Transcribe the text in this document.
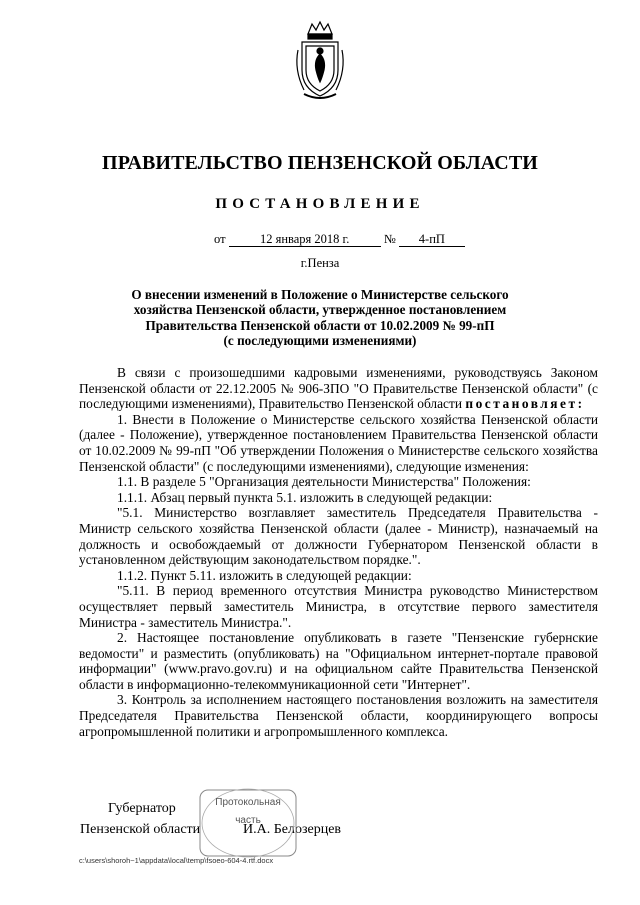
ПРАВИТЕЛЬСТВО ПЕНЗЕНСКОЙ ОБЛАСТИ
ПОСТАНОВЛЕНИЕ
от	12 января 2018 г.	№ 4-пП
г.Пенза
О внесении изменений в Положение о Министерстве сельского
хозяйства Пензенской области, утвержденное постановлением
Правительства Пензенской области от 10.02.2009 № 99-пП
(с последующими изменениями)

В связи с произошедшими кадровыми изменениями, руководствуясь Законом Пензенской области от 22.12.2005 № 906-ЗПО "О Правительстве Пензенской области" (с последующими изменениями), Правительство Пензенской области постановляет:

1. Внести в Положение о Министерстве сельского хозяйства Пензенской области (далее - Положение), утвержденное постановлением Правительства Пензенской области от 10.02.2009 № 99-пП "Об утверждении Положения о Министерстве сельского хозяйства Пензенской области" (с последующими изменениями), следующие изменения:

1.1. В разделе 5 "Организация деятельности Министерства" Положения:

1.1.1. Абзац первый пункта 5.1. изложить в следующей редакции:

"5.1. Министерство возглавляет заместитель Председателя Правительства - Министр сельского хозяйства Пензенской области (далее - Министр), назначаемый на должность и освобождаемый от должности Губернатором Пензенской области в установленном действующим законодательством порядке.".

1.1.2. Пункт 5.11. изложить в следующей редакции:

"5.11. В период временного отсутствия Министра руководство Министерством осуществляет первый заместитель Министра, в отсутствие первого заместителя Министра - заместитель Министра.".

2. Настоящее постановление опубликовать в газете "Пензенские губернские ведомости" и разместить (опубликовать) на "Официальном интернет-портале правовой информации" (www.pravo.gov.ru) и на официальном сайте Правительства Пензенской области в информационно-телекоммуникационной сети "Интернет".

3. Контроль за исполнением настоящего постановления возложить на заместителя Председателя Правительства Пензенской области, координирующего вопросы агропромышленной политики и агропромышленного комплекса.

Губернатор
Пензенской области	И.А. Белозерцев
Протокольная
часть
c:\users\shoroh~1\appdata\local\temp\fsoeo-604-4.rtf.docx
